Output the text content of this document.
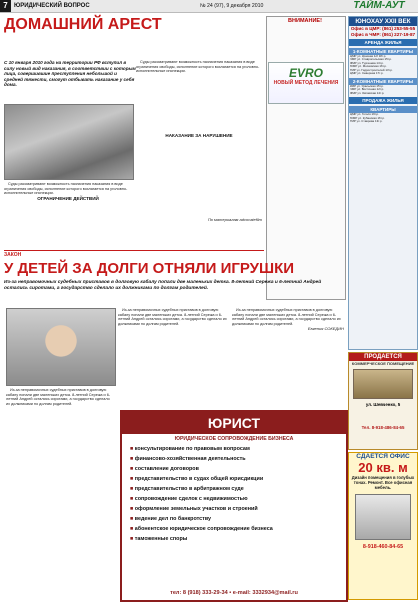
7	ЮРИДИЧЕСКИЙ ВОПРОС	№ 24 (97), 9 декабря 2010	ТАЙМ-АУТ
ДОМАШНИЙ АРЕСТ
С 10 января 2010 года на территории РФ вступил в силу новый вид наказания, в соответствии с которым лица, совершившие преступления небольшой и средней тяжести, смогут отбывать наказание у себя дома.

Суды рассматривают возможность назначения наказания в виде ограничения свободы, исполнение которого возлагается на уголовно-исполнительные инспекции.

ОГРАНИЧЕНИЕ ДЕЙСТВИЙ

Суды рассматривают возможность назначения наказания в виде ограничения свободы, исполнение которого возлагается на уголовно-исполнительные инспекции.

НАКАЗАНИЕ ЗА НАРУШЕНИЕ
По материалам advocatefilm
ВНИМАНИЕ!
EVRO
НОВЫЙ МЕТОД ЛЕЧЕНИЯ
ЮНОХАУ XXII ВЕК
Офис в ЦМР: (861) 253-55-55
Офис в ЧМР: (861) 227-19-87
АРЕНДА ЖИЛЬЯ
1-КОМНАТНЫЕ КВАРТИРЫ
ЦМР ул. Красная 1/2 18т.р.
ЧМР ул. Ставропольская 15т.р.
ФМР ул. Тургенева 14т.р.
ЮМР ул. Московская 16т.р.
ГМР ул. Гидростроителей 13т.р.
ЦМР ул. Северная 17т.р.
2-КОМНАТНЫЕ КВАРТИРЫ
КМР ул. Уральская 15т.р.
ЧМР ул. Восточная 12т.р.
ФМР ул. Зиповская 14т.р.
ПРОДАЖА ЖИЛЬЯ
КВАРТИРЫ
ЦМР ул. Гоголя 19т.р.
ЮМР ул. Кубанская 16т.р.
ГМР ул. Ставрова 13т.р.
ЗАКОН
У ДЕТЕЙ ЗА ДОЛГИ ОТНЯЛИ ИГРУШКИ
Из-за неправомочных судебных приставов в долговую кабалу попали две маленьких детка. 8-летний Сережа и 6-летний Андрей остались сиротами, а государство сделало их должниками по долгам родителей.

Из-за неправомочных судебных приставов в долговую кабалу попали две маленьких детка. 8-летний Сережа и 6-летний Андрей остались сиротами, а государство сделало их должниками по долгам родителей.

Из-за неправомочных судебных приставов в долговую кабалу попали две маленьких детка. 8-летний Сережа и 6-летний Андрей остались сиротами, а государство сделало их должниками по долгам родителей.

Из-за неправомочных судебных приставов в долговую кабалу попали две маленьких детка. 8-летний Сережа и 6-летний Андрей остались сиротами, а государство сделало их должниками по долгам родителей.

Евгения СОКЕДИН
ЮРИСТ
ЮРИДИЧЕСКОЕ СОПРОВОЖДЕНИЕ БИЗНЕСА
■ консультирование по правовым вопросам
■ финансово-хозяйственная деятельность
■ составление договоров
■ представительство в судах общей юрисдикции
■ представительство в арбитражном суде
■ сопровождение сделок с недвижимостью
■ оформление земельных участков и строений
■ ведение дел по банкротству
■ абонентское юридическое сопровождение бизнеса
■ таможенные споры
тел: 8 (918) 333-29-34 • e-mail: 3332934@mail.ru
ПРОДАЕТСЯ
КОММЕРЧЕСКОЕ ПОМЕЩЕНИЕ
ул. Шевченко, 5
Тел. 8-918-486-84-65
СДАЕТСЯ ОФИС
20 кв. м
Дизайн помещения в голубых тонах. Ремонт. Все офисная мебель.
8-918-460-84-65
